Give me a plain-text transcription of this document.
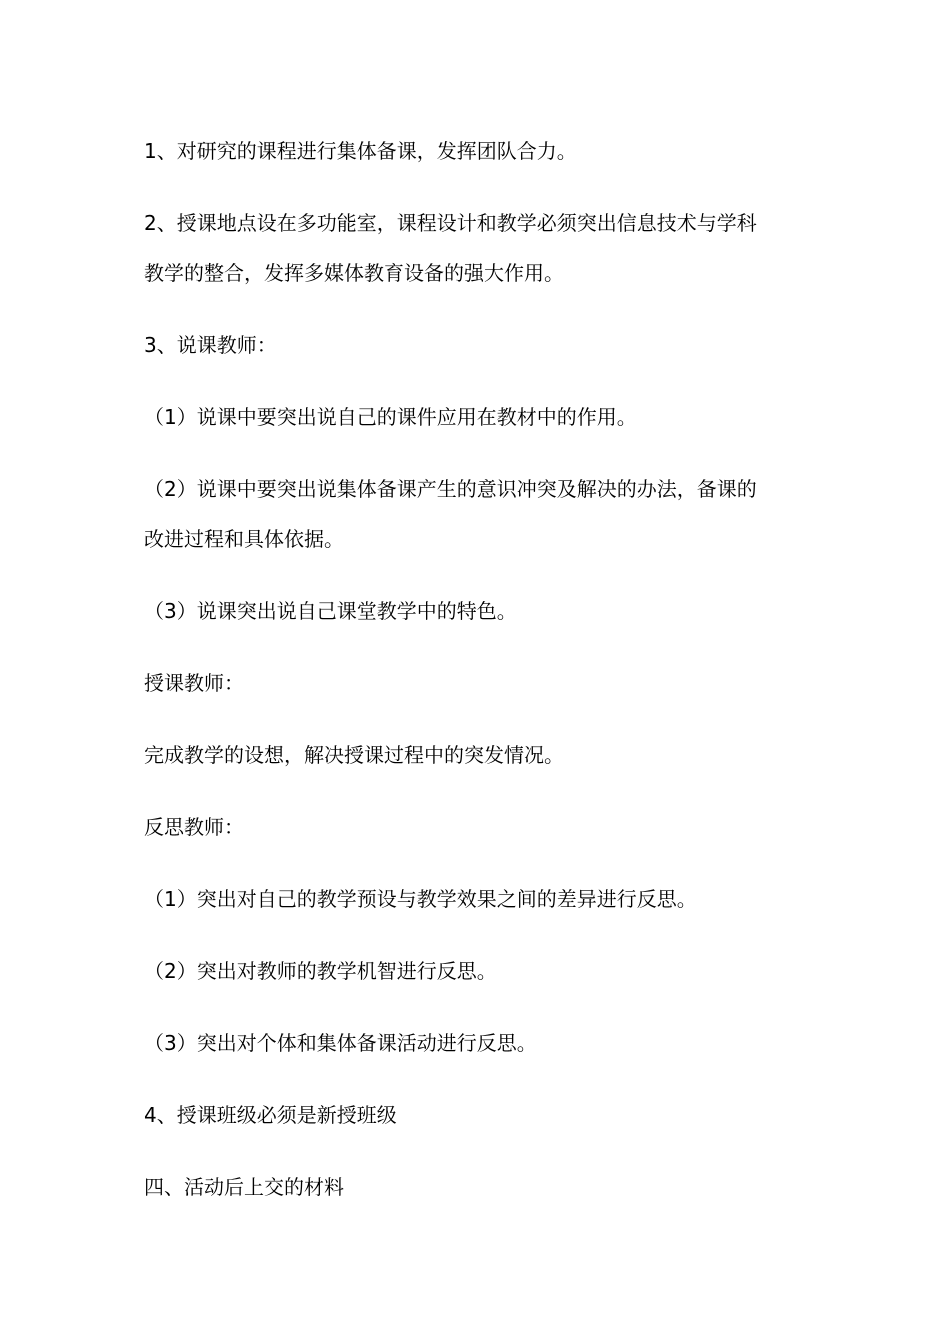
1、对研究的课程进行集体备课，发挥团队合力。
2、授课地点设在多功能室，课程设计和教学必须突出信息技术与学科
教学的整合，发挥多媒体教育设备的强大作用。
3、说课教师：
（1）说课中要突出说自己的课件应用在教材中的作用。
（2）说课中要突出说集体备课产生的意识冲突及解决的办法，备课的
改进过程和具体依据。
（3）说课突出说自己课堂教学中的特色。
授课教师：
完成教学的设想，解决授课过程中的突发情况。
反思教师：
（1）突出对自己的教学预设与教学效果之间的差异进行反思。
（2）突出对教师的教学机智进行反思。
（3）突出对个体和集体备课活动进行反思。
4、授课班级必须是新授班级
四、活动后上交的材料
